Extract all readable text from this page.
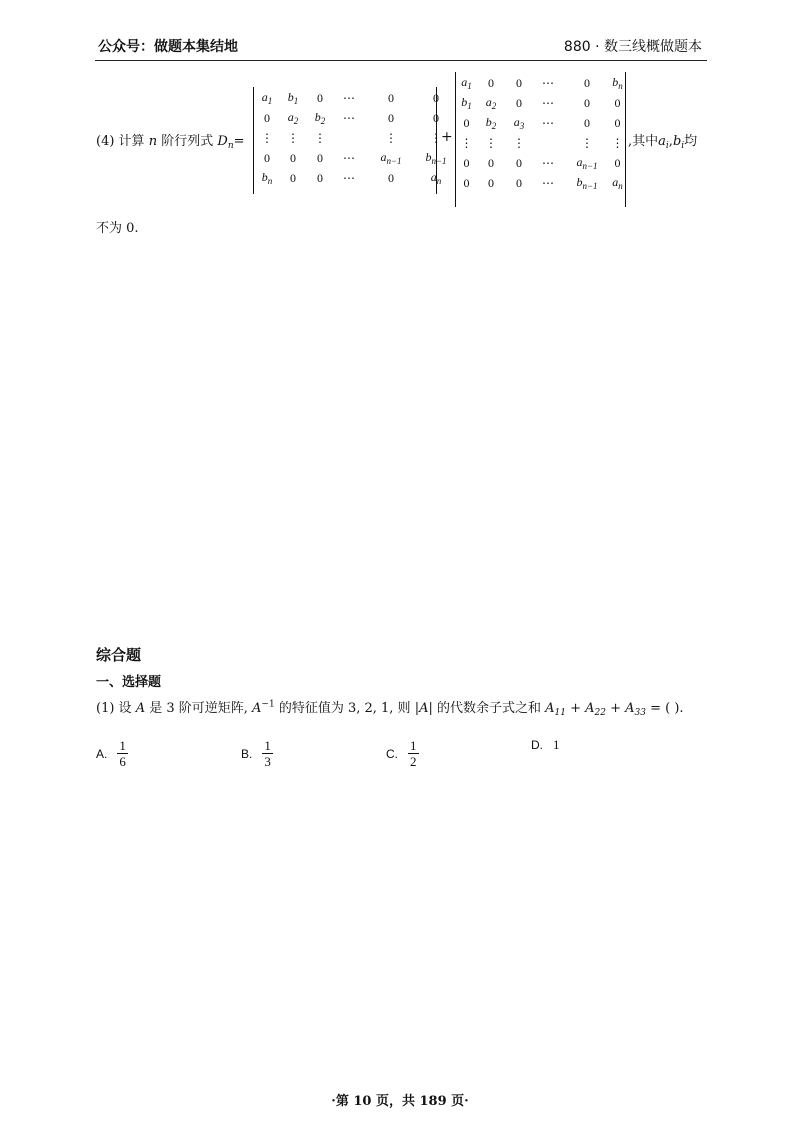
公众号：做题本集结地	880 · 数三线概做题本
(4) 计算 n 阶行列式 $D_n=$
$a_1$	$b_1$	0	⋯	0	0
0	$a_2$	$b_2$	⋯	0	0
⋮	⋮	⋮		⋮	⋮
0	0	0	⋯	$a_{n-1}$	$b_{n-1}$
$b_n$	0	0	⋯	0	$a_n$
+
$a_1$	0	0	⋯	0	$b_n$
$b_1$	$a_2$	0	⋯	0	0
0	$b_2$	$a_3$	⋯	0	0
⋮	⋮	⋮		⋮	⋮
0	0	0	⋯	$a_{n-1}$	0
0	0	0	⋯	$b_{n-1}$	$a_n$
,其中$a_i,b_i$均
不为 0.
综合题
一、选择题
(1) 设 A 是 3 阶可逆矩阵, $A^{-1}$ 的特征值为 3, 2, 1, 则 |A| 的代数余子式之和 $A_{11} + A_{22} + A_{33}$ = ( ).
A. $\frac{1}{6}$	B. $\frac{1}{3}$	C. $\frac{1}{2}$	D. 1
·第 10 页，共 189 页·
